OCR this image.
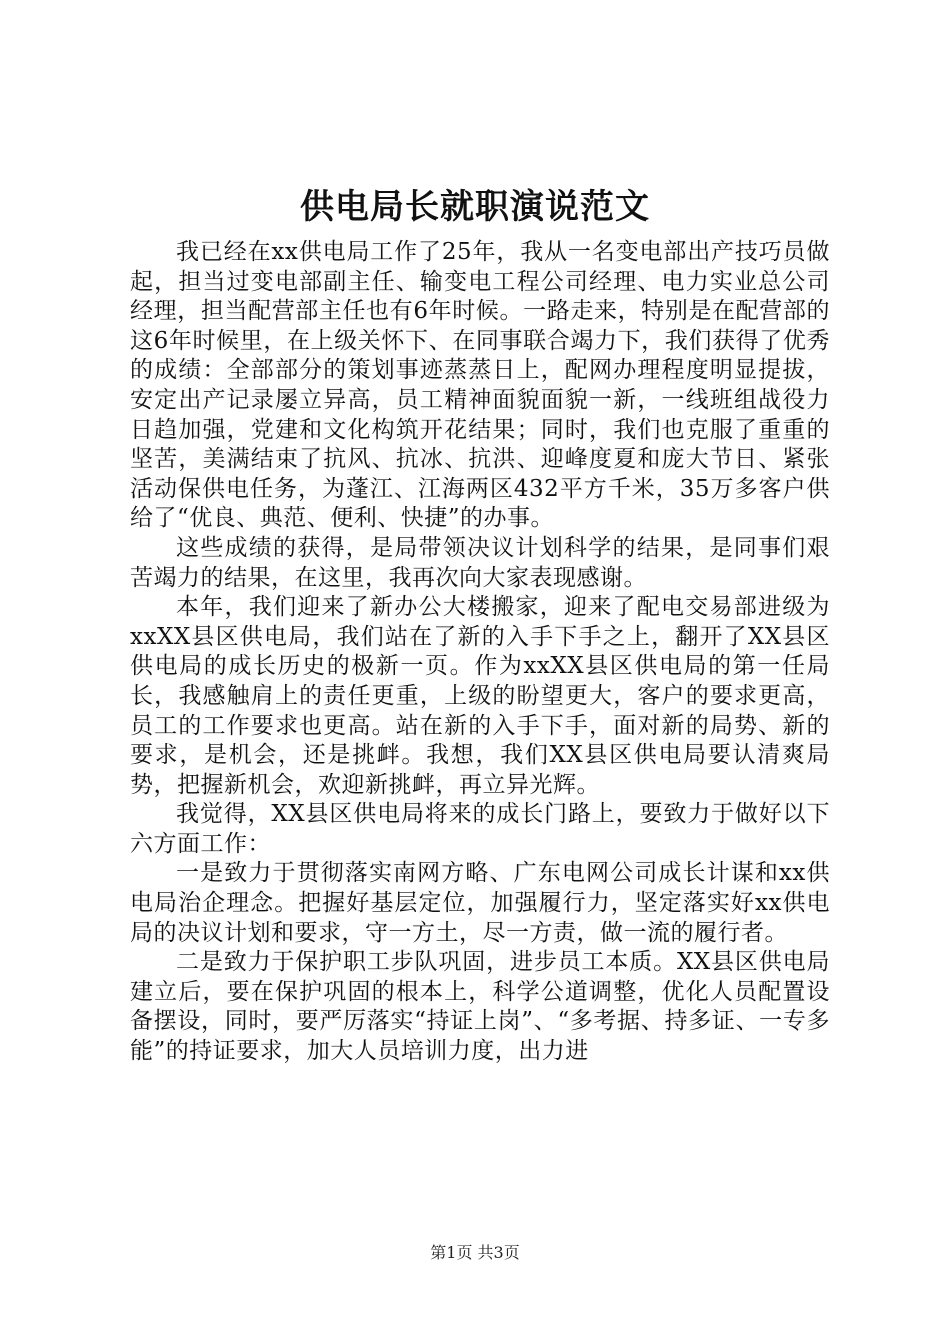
供电局长就职演说范文

我已经在xx供电局工作了25年，我从一名变电部出产技巧员做起，担当过变电部副主任、输变电工程公司经理、电力实业总公司经理，担当配营部主任也有6年时候。一路走来，特别是在配营部的这6年时候里，在上级关怀下、在同事联合竭力下，我们获得了优秀的成绩：全部部分的策划事迹蒸蒸日上，配网办理程度明显提拔，安定出产记录屡立异高，员工精神面貌面貌一新，一线班组战役力日趋加强，党建和文化构筑开花结果；同时，我们也克服了重重的坚苦，美满结束了抗风、抗冰、抗洪、迎峰度夏和庞大节日、紧张活动保供电任务，为蓬江、江海两区432平方千米，35万多客户供给了“优良、典范、便利、快捷”的办事。

这些成绩的获得，是局带领决议计划科学的结果，是同事们艰苦竭力的结果，在这里，我再次向大家表现感谢。

本年，我们迎来了新办公大楼搬家，迎来了配电交易部进级为xxXX县区供电局，我们站在了新的入手下手之上，翻开了XX县区供电局的成长历史的极新一页。作为xxXX县区供电局的第一任局长，我感触肩上的责任更重，上级的盼望更大，客户的要求更高，员工的工作要求也更高。站在新的入手下手，面对新的局势、新的要求，是机会，还是挑衅。我想，我们XX县区供电局要认清爽局势，把握新机会，欢迎新挑衅，再立异光辉。

我觉得，XX县区供电局将来的成长门路上，要致力于做好以下六方面工作：

一是致力于贯彻落实南网方略、广东电网公司成长计谋和xx供电局治企理念。把握好基层定位，加强履行力，坚定落实好xx供电局的决议计划和要求，守一方土，尽一方责，做一流的履行者。

二是致力于保护职工步队巩固，进步员工本质。XX县区供电局建立后，要在保护巩固的根本上，科学公道调整，优化人员配置设备摆设，同时，要严厉落实“持证上岗”、“多考据、持多证、一专多能”的持证要求，加大人员培训力度，出力进

第1页 共3页
